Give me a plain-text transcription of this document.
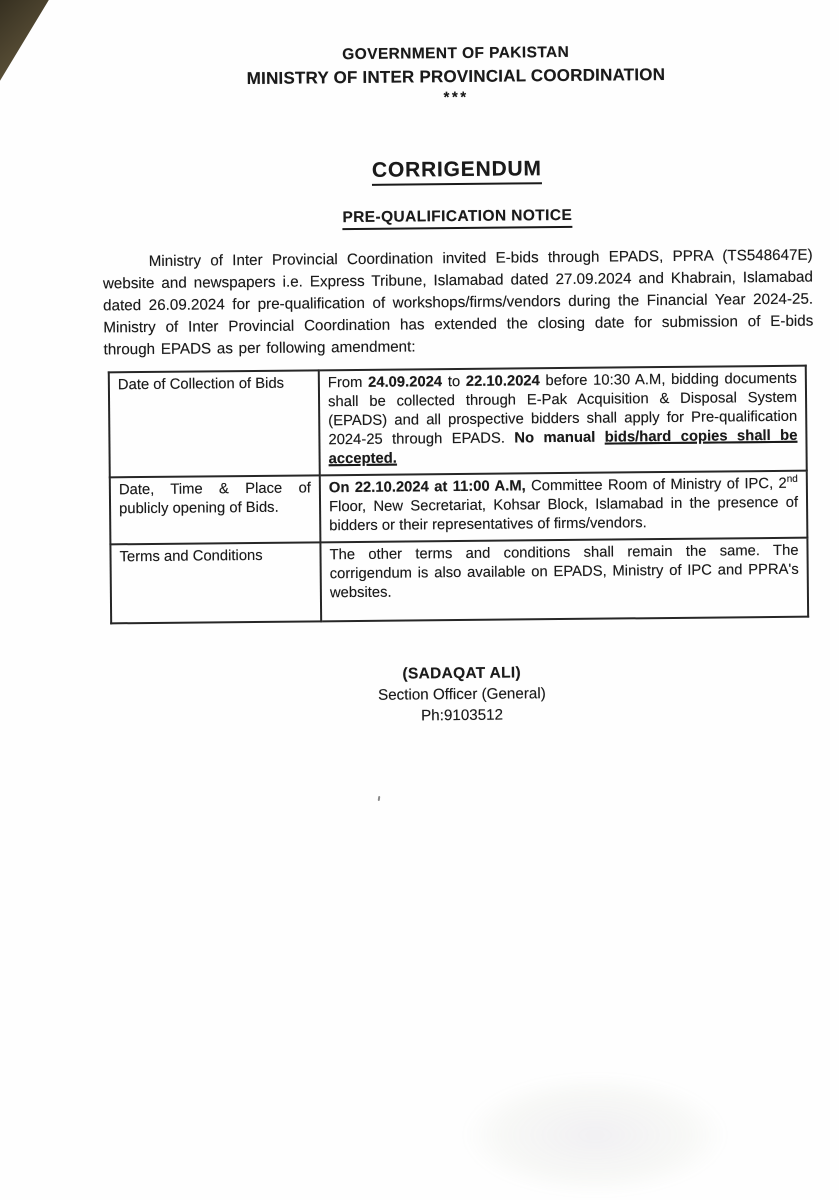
GOVERNMENT OF PAKISTAN
MINISTRY OF INTER PROVINCIAL COORDINATION
***
CORRIGENDUM
PRE-QUALIFICATION NOTICE

Ministry of Inter Provincial Coordination invited E-bids through EPADS, PPRA (TS548647E) website and newspapers i.e. Express Tribune, Islamabad dated 27.09.2024 and Khabrain, Islamabad dated 26.09.2024 for pre-qualification of workshops/firms/vendors during the Financial Year 2024-25. Ministry of Inter Provincial Coordination has extended the closing date for submission of E-bids through EPADS as per following amendment:

Date of Collection of Bids	From 24.09.2024 to 22.10.2024 before 10:30 A.M, bidding documents shall be collected through E-Pak Acquisition & Disposal System (EPADS) and all prospective bidders shall apply for Pre-qualification 2024-25 through EPADS. No manual bids/hard copies shall be accepted.
Date, Time & Place of publicly opening of Bids.	On 22.10.2024 at 11:00 A.M, Committee Room of Ministry of IPC, 2nd Floor, New Secretariat, Kohsar Block, Islamabad in the presence of bidders or their representatives of firms/vendors.
Terms and Conditions	The other terms and conditions shall remain the same. The corrigendum is also available on EPADS, Ministry of IPC and PPRA's websites.
(SADAQAT ALI)
Section Officer (General)
Ph:9103512
